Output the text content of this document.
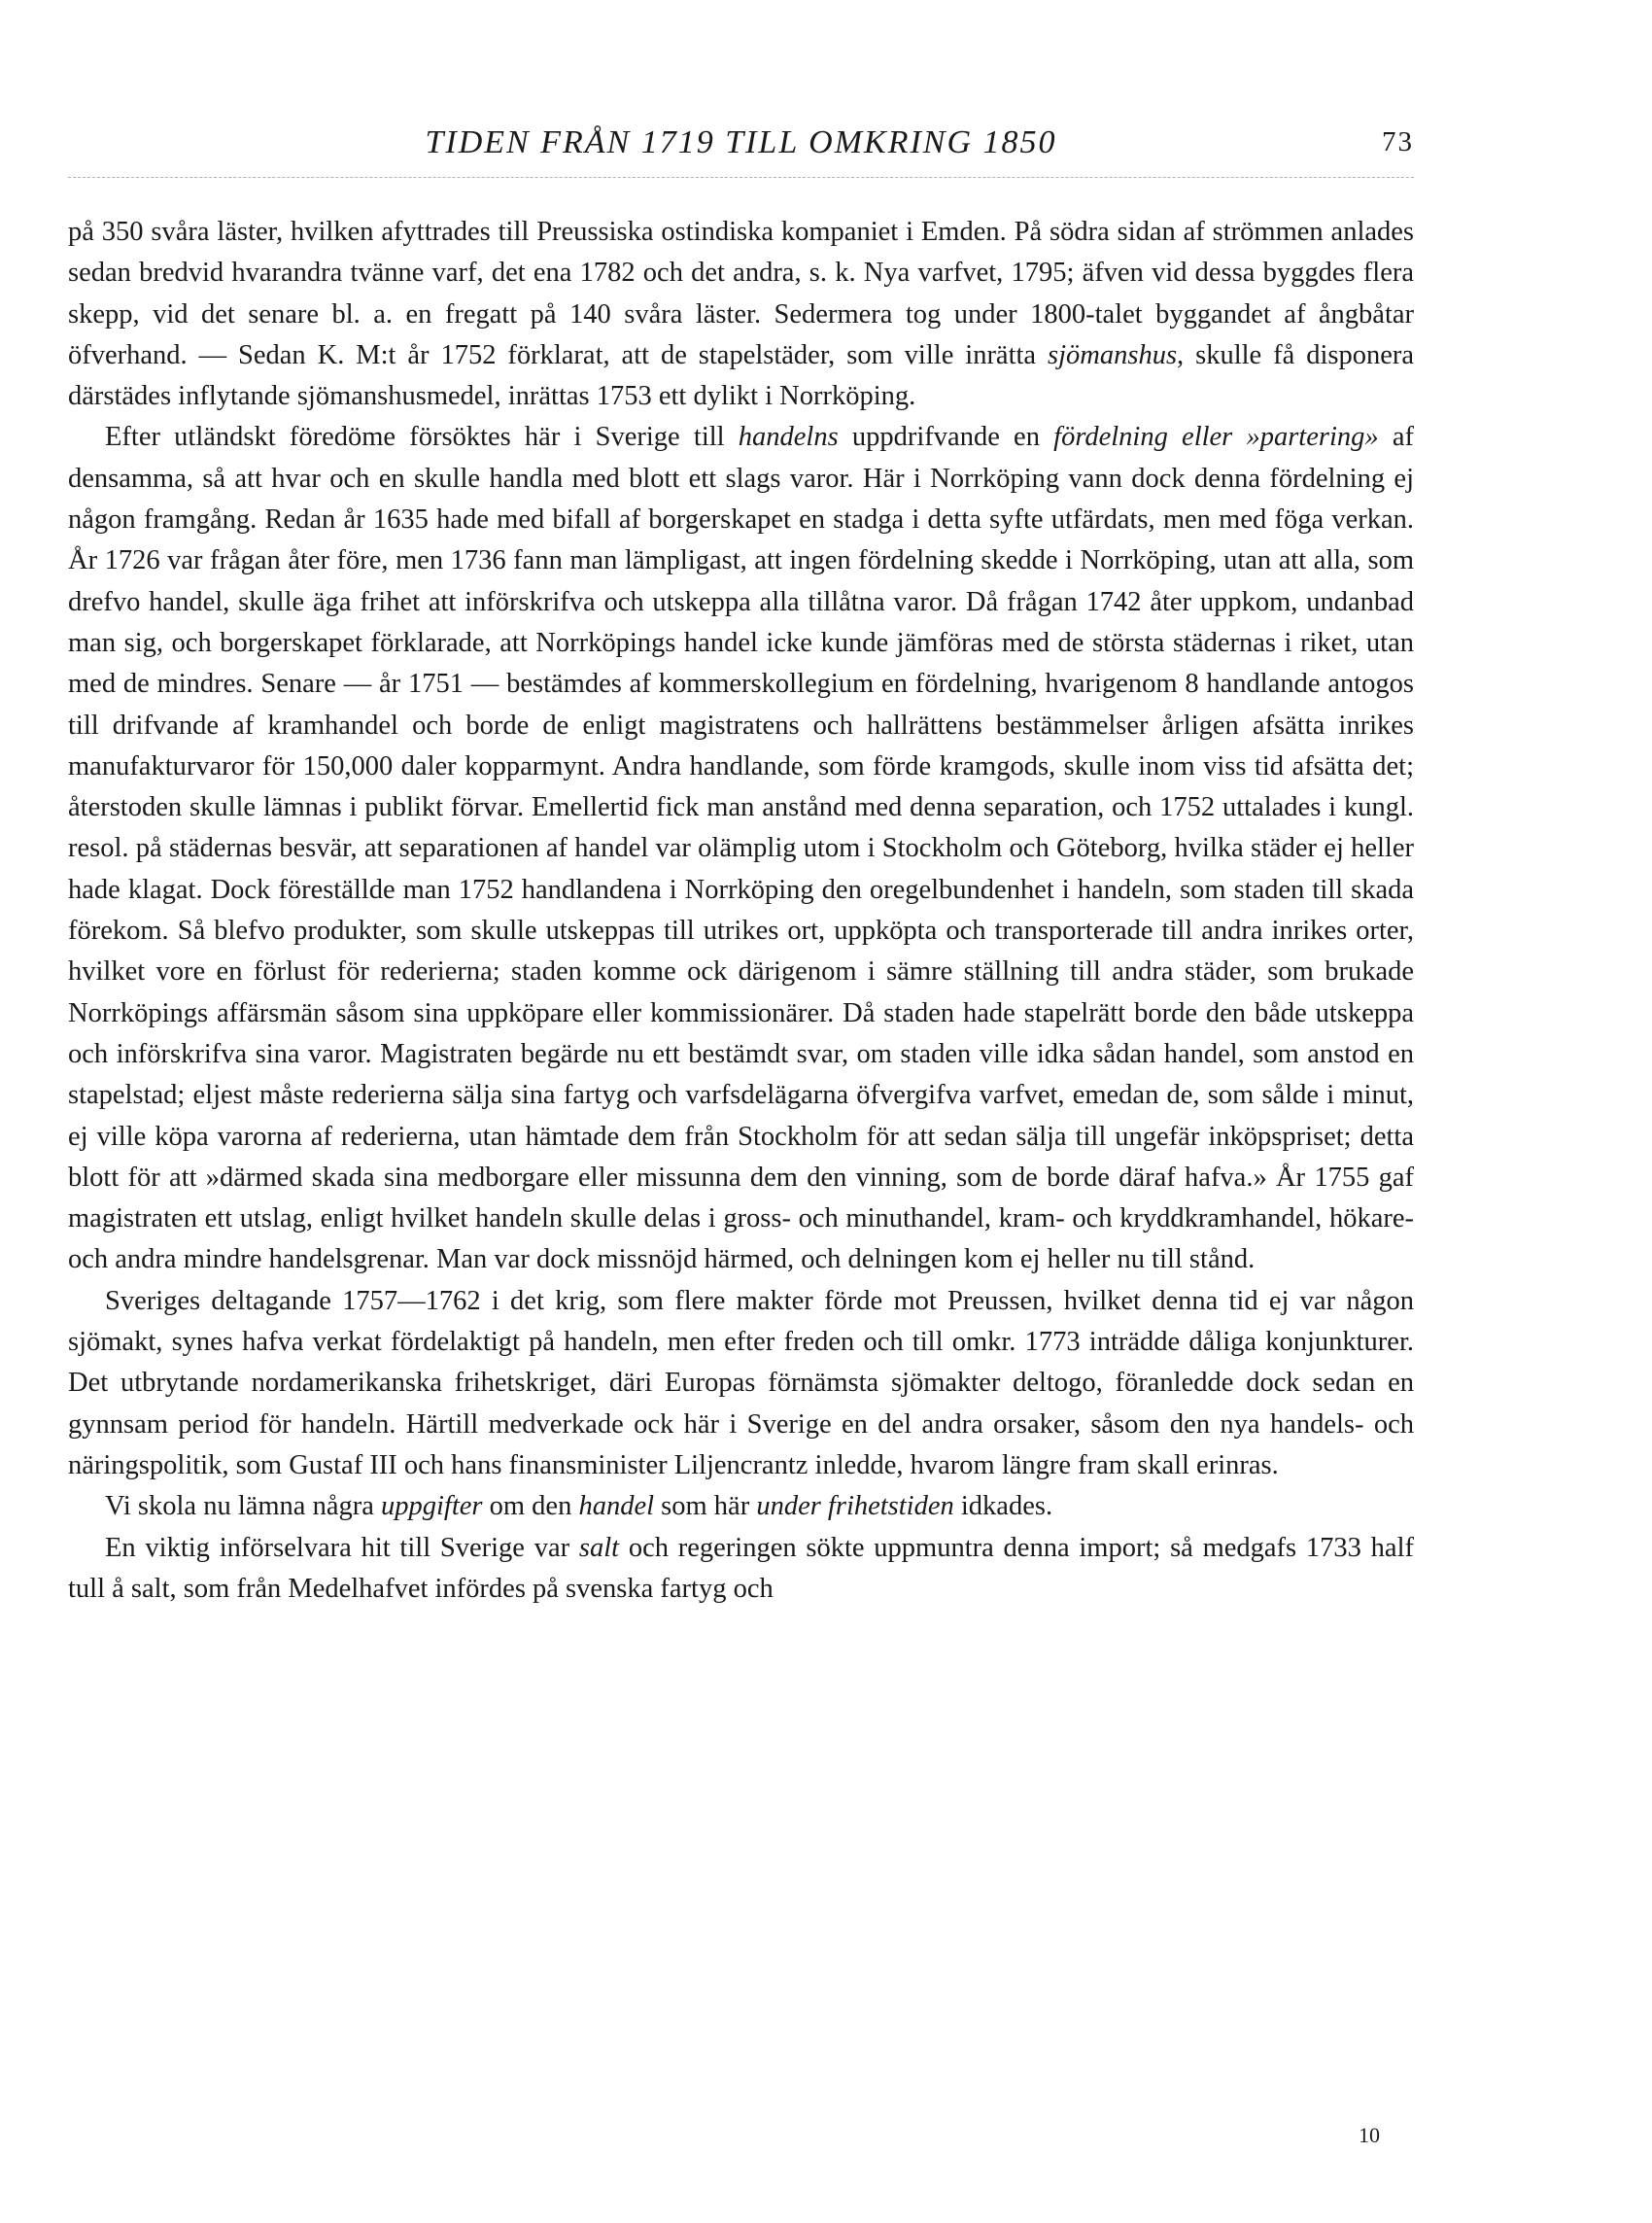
TIDEN FRÅN 1719 TILL OMKRING 1850	73

på 350 svåra läster, hvilken afyttrades till Preussiska ostindiska kompaniet i Emden. På södra sidan af strömmen anlades sedan bredvid hvarandra tvänne varf, det ena 1782 och det andra, s. k. Nya varfvet, 1795; äfven vid dessa byggdes flera skepp, vid det senare bl. a. en fregatt på 140 svåra läster. Sedermera tog under 1800-talet byggandet af ångbåtar öfverhand. — Sedan K. M:t år 1752 förklarat, att de stapelstäder, som ville inrätta sjömanshus, skulle få disponera därstädes inflytande sjömanshusmedel, inrättas 1753 ett dylikt i Norrköping.

Efter utländskt föredöme försöktes här i Sverige till handelns uppdrifvande en fördelning eller »partering» af densamma, så att hvar och en skulle handla med blott ett slags varor. Här i Norrköping vann dock denna fördelning ej någon framgång. Redan år 1635 hade med bifall af borgerskapet en stadga i detta syfte utfärdats, men med föga verkan. År 1726 var frågan åter före, men 1736 fann man lämpligast, att ingen fördelning skedde i Norrköping, utan att alla, som drefvo handel, skulle äga frihet att införskrifva och utskeppa alla tillåtna varor. Då frågan 1742 åter uppkom, undanbad man sig, och borgerskapet förklarade, att Norrköpings handel icke kunde jämföras med de största städernas i riket, utan med de mindres. Senare — år 1751 — bestämdes af kommerskollegium en fördelning, hvarigenom 8 handlande antogos till drifvande af kramhandel och borde de enligt magistratens och hallrättens bestämmelser årligen afsätta inrikes manufakturvaror för 150,000 daler kopparmynt. Andra handlande, som förde kramgods, skulle inom viss tid afsätta det; återstoden skulle lämnas i publikt förvar. Emellertid fick man anstånd med denna separation, och 1752 uttalades i kungl. resol. på städernas besvär, att separationen af handel var olämplig utom i Stockholm och Göteborg, hvilka städer ej heller hade klagat. Dock föreställde man 1752 handlandena i Norrköping den oregelbundenhet i handeln, som staden till skada förekom. Så blefvo produkter, som skulle utskeppas till utrikes ort, uppköpta och transporterade till andra inrikes orter, hvilket vore en förlust för rederierna; staden komme ock därigenom i sämre ställning till andra städer, som brukade Norrköpings affärsmän såsom sina uppköpare eller kommissionärer. Då staden hade stapelrätt borde den både utskeppa och införskrifva sina varor. Magistraten begärde nu ett bestämdt svar, om staden ville idka sådan handel, som anstod en stapelstad; eljest måste rederierna sälja sina fartyg och varfsdelägarna öfvergifva varfvet, emedan de, som sålde i minut, ej ville köpa varorna af rederierna, utan hämtade dem från Stockholm för att sedan sälja till ungefär inköpspriset; detta blott för att »därmed skada sina medborgare eller missunna dem den vinning, som de borde däraf hafva.» År 1755 gaf magistraten ett utslag, enligt hvilket handeln skulle delas i gross- och minuthandel, kram- och kryddkramhandel, hökare- och andra mindre handelsgrenar. Man var dock missnöjd härmed, och delningen kom ej heller nu till stånd.

Sveriges deltagande 1757—1762 i det krig, som flere makter förde mot Preussen, hvilket denna tid ej var någon sjömakt, synes hafva verkat fördelaktigt på handeln, men efter freden och till omkr. 1773 inträdde dåliga konjunkturer. Det utbrytande nordamerikanska frihetskriget, däri Europas förnämsta sjömakter deltogo, föranledde dock sedan en gynnsam period för handeln. Härtill medverkade ock här i Sverige en del andra orsaker, såsom den nya handels- och näringspolitik, som Gustaf III och hans finansminister Liljencrantz inledde, hvarom längre fram skall erinras.

Vi skola nu lämna några uppgifter om den handel som här under frihetstiden idkades.

En viktig införselvara hit till Sverige var salt och regeringen sökte uppmuntra denna import; så medgafs 1733 half tull å salt, som från Medelhafvet infördes på svenska fartyg och

10
